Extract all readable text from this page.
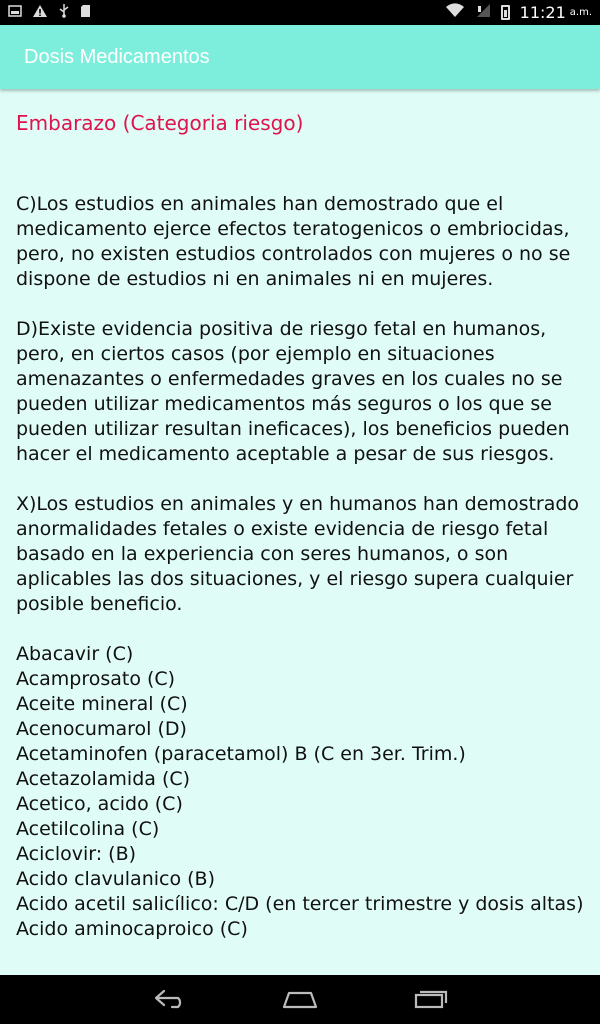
11:21 a.m.
Dosis Medicamentos
Embarazo (Categoria riesgo)

C)Los estudios en animales han demostrado que el medicamento ejerce efectos teratogenicos o embriocidas, pero, no existen estudios controlados con mujeres o no se dispone de estudios ni en animales ni en mujeres.

D)Existe evidencia positiva de riesgo fetal en humanos, pero, en ciertos casos (por ejemplo en situaciones amenazantes o enfermedades graves en los cuales no se pueden utilizar medicamentos más seguros o los que se pueden utilizar resultan ineficaces), los beneficios pueden hacer el medicamento aceptable a pesar de sus riesgos.

X)Los estudios en animales y en humanos han demostrado anormalidades fetales o existe evidencia de riesgo fetal basado en la experiencia con seres humanos, o son aplicables las dos situaciones, y el riesgo supera cualquier posible beneficio.

Abacavir (C)
Acamprosato (C)
Aceite mineral (C)
Acenocumarol (D)
Acetaminofen (paracetamol) B (C en 3er. Trim.)
Acetazolamida (C)
Acetico, acido (C)
Acetilcolina (C)
Aciclovir: (B)
Acido clavulanico (B)
Acido acetil salicílico: C/D (en tercer trimestre y dosis altas)
Acido aminocaproico (C)
